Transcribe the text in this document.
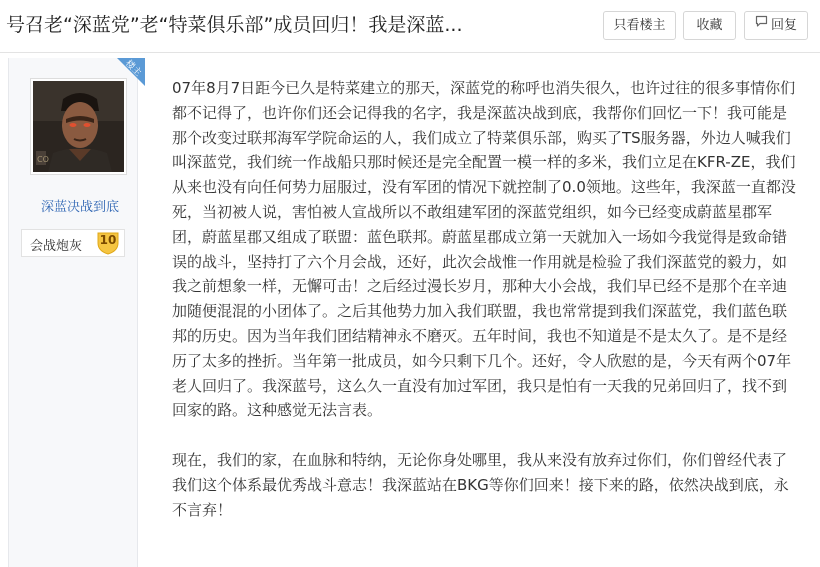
号召老“深蓝党”老“特菜俱乐部”成员回归！我是深蓝...	只看楼主	收藏	回复
楼主
CO
深蓝决战到底
会战炮灰	10

07年8月7日距今已久是特菜建立的那天，深蓝党的称呼也消失很久，也许过往的很多事情你们都不记得了，也许你们还会记得我的名字，我是深蓝决战到底，我帮你们回忆一下！我可能是那个改变过联邦海军学院命运的人，我们成立了特菜俱乐部，购买了TS服务器，外边人喊我们叫深蓝党，我们统一作战船只那时候还是完全配置一模一样的多米，我们立足在KFR-ZE，我们从来也没有向任何势力屈服过，没有军团的情况下就控制了0.0领地。这些年，我深蓝一直都没死，当初被人说，害怕被人宣战所以不敢组建军团的深蓝党组织，如今已经变成蔚蓝星郡军团，蔚蓝星郡又组成了联盟：蓝色联邦。蔚蓝星郡成立第一天就加入一场如今我觉得是致命错误的战斗，坚持打了六个月会战，还好，此次会战惟一作用就是检验了我们深蓝党的毅力，如我之前想象一样，无懈可击！之后经过漫长岁月，那种大小会战，我们早已经不是那个在辛迪加随便混混的小团体了。之后其他势力加入我们联盟，我也常常提到我们深蓝党，我们蓝色联邦的历史。因为当年我们团结精神永不磨灭。五年时间，我也不知道是不是太久了。是不是经历了太多的挫折。当年第一批成员，如今只剩下几个。还好，令人欣慰的是，今天有两个07年老人回归了。我深蓝号，这么久一直没有加过军团，我只是怕有一天我的兄弟回归了，找不到回家的路。这种感觉无法言表。

现在，我们的家，在血脉和特纳，无论你身处哪里，我从来没有放弃过你们，你们曾经代表了我们这个体系最优秀战斗意志！我深蓝站在BKG等你们回来！接下来的路，依然决战到底，永不言弃！
